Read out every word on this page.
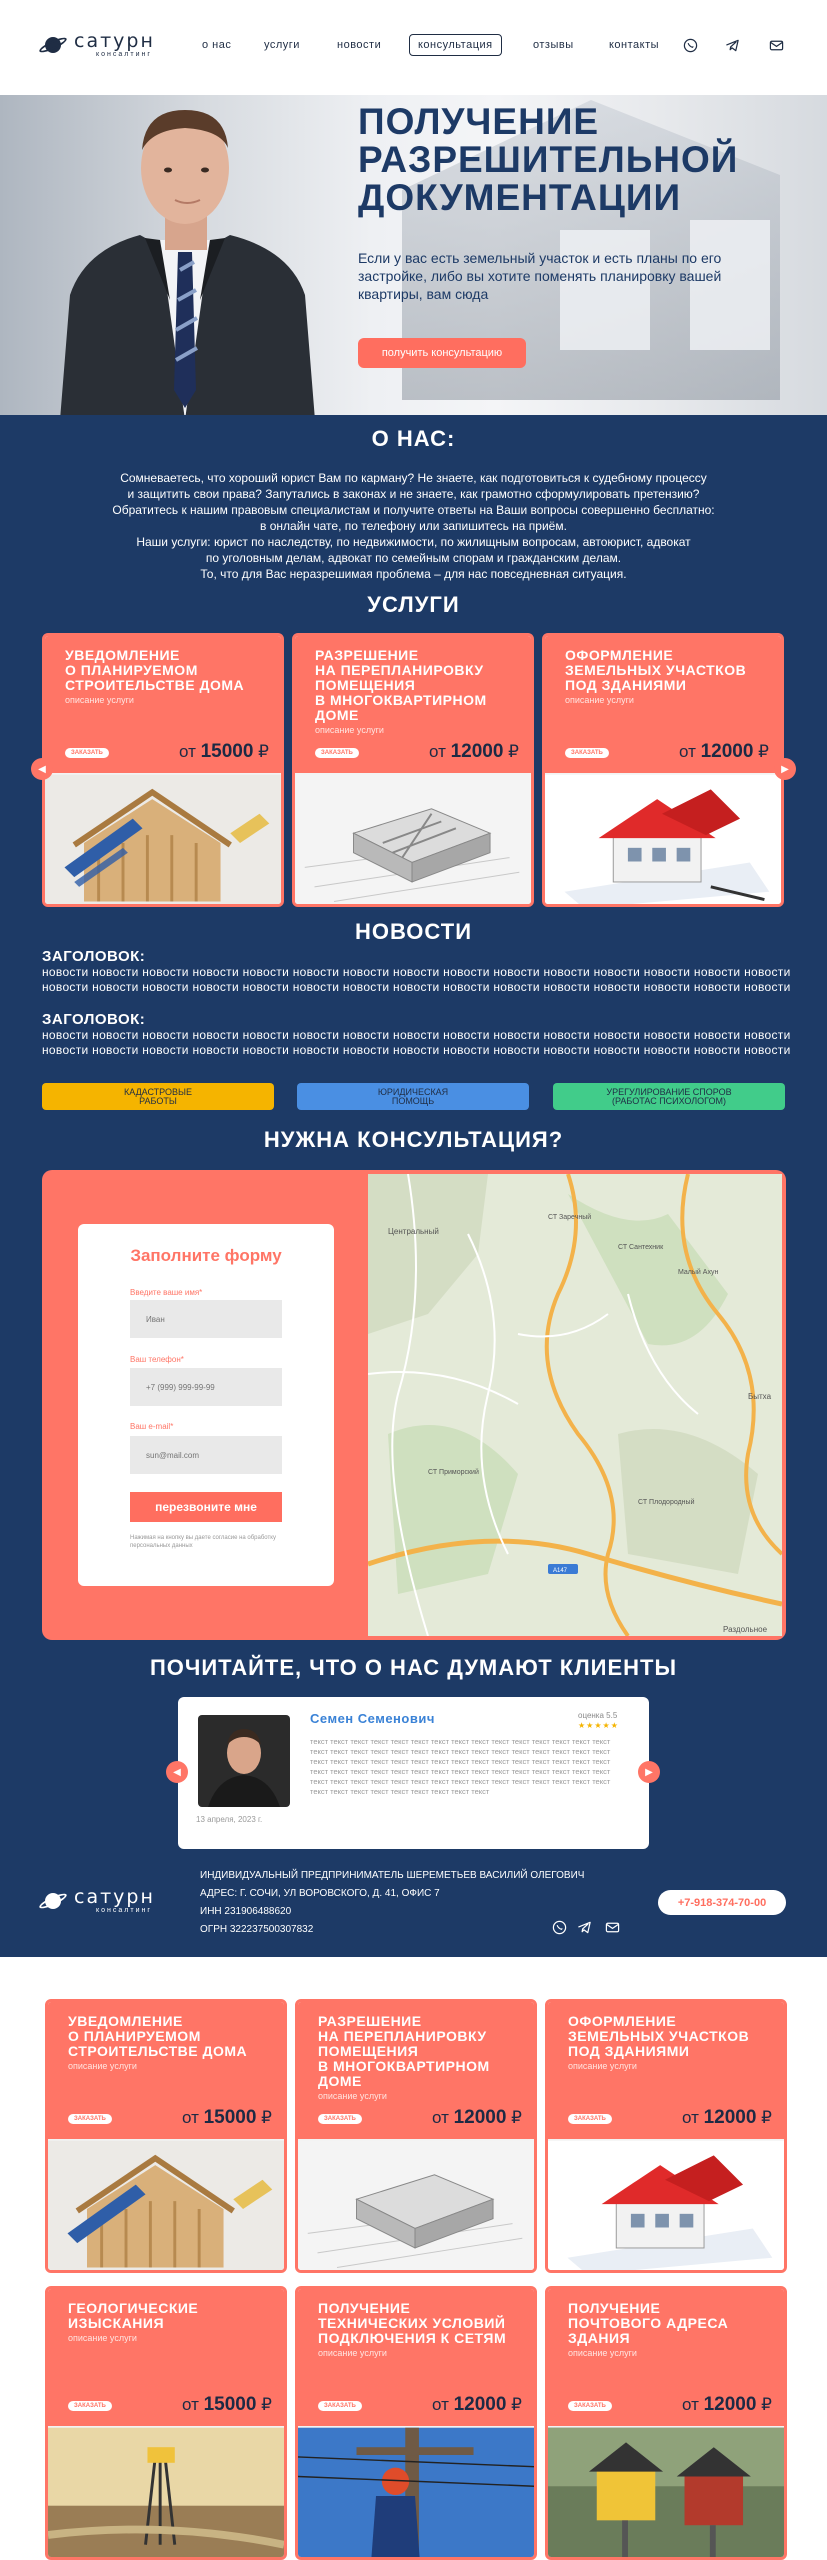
сатурн
консалтинг
о нас	услуги	новости	консультация	отзывы	контакты
ПОЛУЧЕНИЕ
РАЗРЕШИТЕЛЬНОЙ
ДОКУМЕНТАЦИИ
Если у вас есть земельный участок и есть планы по его застройке, либо вы хотите поменять планировку вашей квартиры, вам сюда
получить консультацию
О НАС:

Сомневаетесь, что хороший юрист Вам по карману? Не знаете, как подготовиться к судебному процессу

и защитить свои права? Запутались в законах и не знаете, как грамотно сформулировать претензию?

Обратитесь к нашим правовым специалистам и получите ответы на Ваши вопросы совершенно бесплатно:

в онлайн чате, по телефону или запишитесь на приём.

Наши услуги: юрист по наследству, по недвижимости, по жилищным вопросам, автоюрист, адвокат

по уголовным делам, адвокат по семейным спорам и гражданским делам.

То, что для Вас неразрешимая проблема – для нас повседневная ситуация.

УСЛУГИ
УВЕДОМЛЕНИЕ
О ПЛАНИРУЕМОМ
СТРОИТЕЛЬСТВЕ ДОМА
описание услуги
ЗАКАЗАТЬ	от 15000 ₽
РАЗРЕШЕНИЕ
НА ПЕРЕПЛАНИРОВКУ
ПОМЕЩЕНИЯ
В МНОГОКВАРТИРНОМ
ДОМЕ
описание услуги
ЗАКАЗАТЬ	от 12000 ₽
ОФОРМЛЕНИЕ
ЗЕМЕЛЬНЫХ УЧАСТКОВ
ПОД ЗДАНИЯМИ
описание услуги
ЗАКАЗАТЬ	от 12000 ₽
◀	▶
НОВОСТИ
ЗАГОЛОВОК:
новости новости новости новости новости новости новости новости новости новости новости новости новости новости новости
новости новости новости новости новости новости новости новости новости новости новости новости новости новости новости
ЗАГОЛОВОК:
новости новости новости новости новости новости новости новости новости новости новости новости новости новости новости
новости новости новости новости новости новости новости новости новости новости новости новости новости новости новости
КАДАСТРОВЫЕ
РАБОТЫ
ЮРИДИЧЕСКАЯ
ПОМОЩЬ
УРЕГУЛИРОВАНИЕ СПОРОВ
(РАБОТАС ПСИХОЛОГОМ)
НУЖНА КОНСУЛЬТАЦИЯ?
Заполните форму
Введите ваше имя*
Иван
Ваш телефон*
+7 (999) 999-99-99
Ваш e-mail*
sun@mail.com
перезвоните мне
Нажимая на кнопку вы даете согласие на обработку персональных данных
Центральный
СТ Заречный
СТ Сантехник
Бытха
СТ Приморский
СТ Плодородный
Раздольное
А147
Малый Ахун
ПОЧИТАЙТЕ, ЧТО О НАС ДУМАЮТ КЛИЕНТЫ
Семен Семенович	оценка 5.5
★★★★★
текст текст текст текст текст текст текст текст текст текст текст текст текст текст текст текст текст текст текст текст текст текст текст текст текст текст текст текст текст текст текст текст текст текст текст текст текст текст текст текст текст текст текст текст текст текст текст текст текст текст текст текст текст текст текст текст текст текст текст текст текст текст текст текст текст текст текст текст текст текст текст текст текст текст текст текст текст текст текст текст текст текст текст текст
13 апреля, 2023 г.
◀	▶
сатурн
консалтинг
ИНДИВИДУАЛЬНЫЙ ПРЕДПРИНИМАТЕЛЬ ШЕРЕМЕТЬЕВ ВАСИЛИЙ ОЛЕГОВИЧ
АДРЕС: Г. СОЧИ, УЛ ВОРОВСКОГО, Д. 41, ОФИС 7
ИНН 231906488620
ОГРН 322237500307832
+7-918-374-70-00
УВЕДОМЛЕНИЕ
О ПЛАНИРУЕМОМ
СТРОИТЕЛЬСТВЕ ДОМА
описание услуги
ЗАКАЗАТЬ	от 15000 ₽
РАЗРЕШЕНИЕ
НА ПЕРЕПЛАНИРОВКУ
ПОМЕЩЕНИЯ
В МНОГОКВАРТИРНОМ
ДОМЕ
описание услуги
ЗАКАЗАТЬ	от 12000 ₽
ОФОРМЛЕНИЕ
ЗЕМЕЛЬНЫХ УЧАСТКОВ
ПОД ЗДАНИЯМИ
описание услуги
ЗАКАЗАТЬ	от 12000 ₽
ГЕОЛОГИЧЕСКИЕ
ИЗЫСКАНИЯ
описание услуги
ЗАКАЗАТЬ	от 15000 ₽
ПОЛУЧЕНИЕ
ТЕХНИЧЕСКИХ УСЛОВИЙ
ПОДКЛЮЧЕНИЯ К СЕТЯМ
описание услуги
ЗАКАЗАТЬ	от 12000 ₽
ПОЛУЧЕНИЕ
ПОЧТОВОГО АДРЕСА
ЗДАНИЯ
описание услуги
ЗАКАЗАТЬ	от 12000 ₽
